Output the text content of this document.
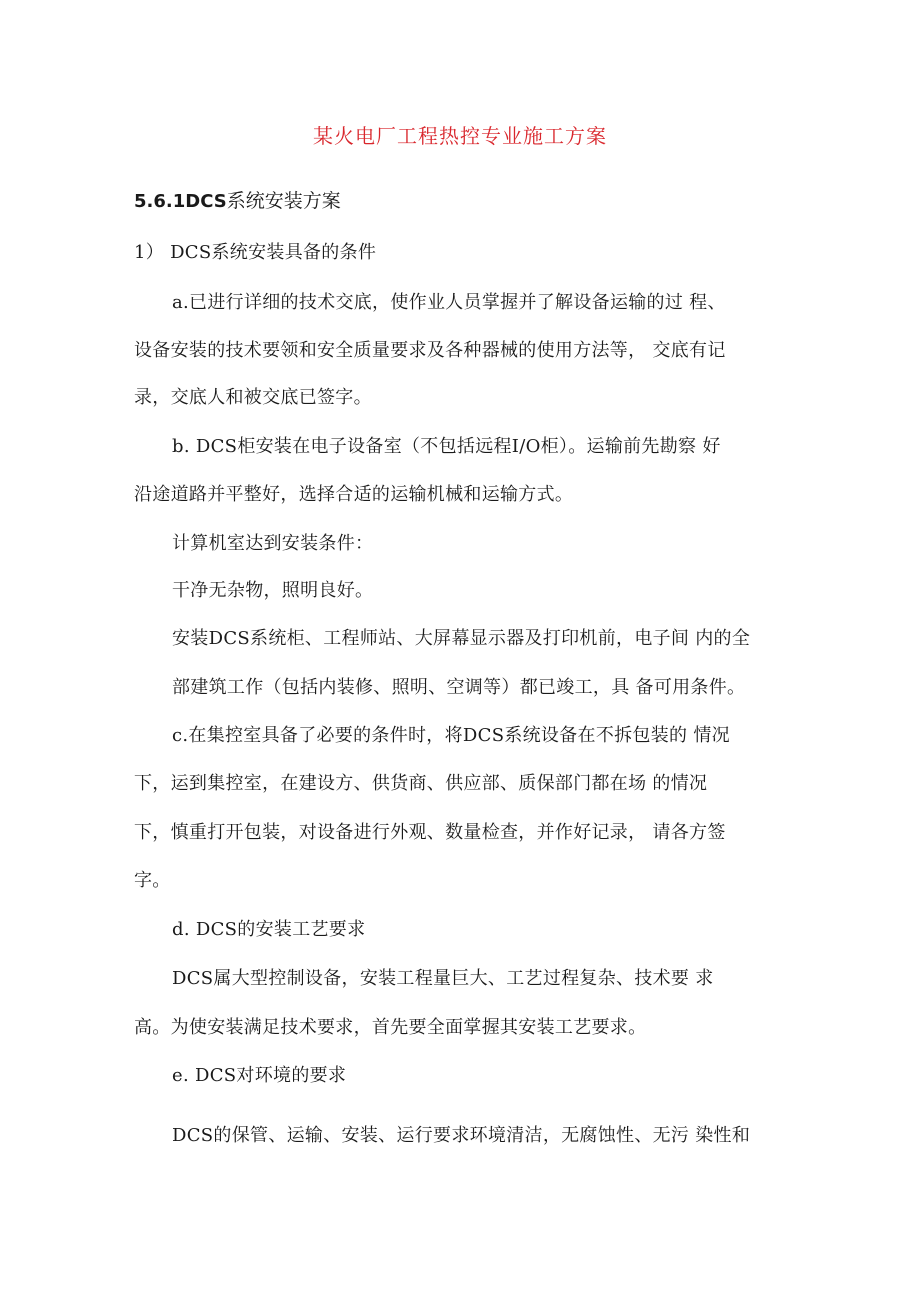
某火电厂工程热控专业施工方案
5.6.1DCS系统安装方案
1） DCS系统安装具备的条件
a.已进行详细的技术交底，使作业人员掌握并了解设备运输的过 程、
设备安装的技术要领和安全质量要求及各种器械的使用方法等， 交底有记
录，交底人和被交底已签字。
b. DCS柜安装在电子设备室（不包括远程I/O柜）。运输前先勘察 好
沿途道路并平整好，选择合适的运输机械和运输方式。
计算机室达到安装条件：
干净无杂物，照明良好。
安装DCS系统柜、工程师站、大屏幕显示器及打印机前，电子间 内的全
部建筑工作（包括内装修、照明、空调等）都已竣工，具 备可用条件。
c.在集控室具备了必要的条件时，将DCS系统设备在不拆包装的 情况
下，运到集控室，在建设方、供货商、供应部、质保部门都在场 的情况
下，慎重打开包装，对设备进行外观、数量检查，并作好记录， 请各方签
字。
d. DCS的安装工艺要求
DCS属大型控制设备，安装工程量巨大、工艺过程复杂、技术要 求
高。为使安装满足技术要求，首先要全面掌握其安装工艺要求。
e. DCS对环境的要求
DCS的保管、运输、安装、运行要求环境清洁，无腐蚀性、无污 染性和
